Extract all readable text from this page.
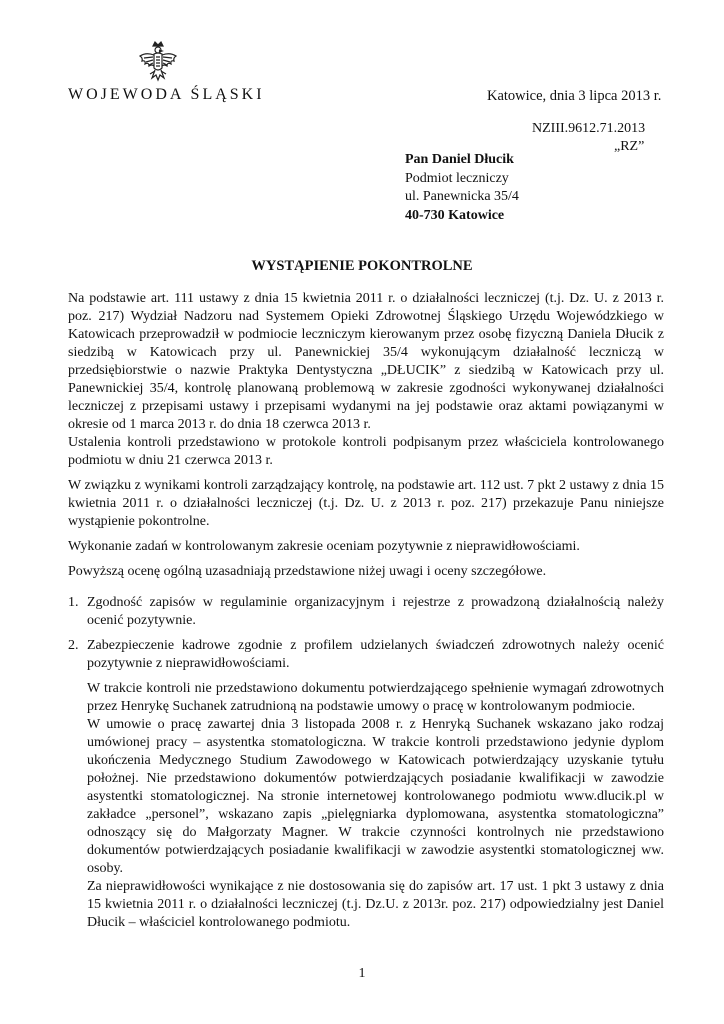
WOJEWODA ŚLĄSKI	Katowice, dnia 3 lipca 2013 r.
NZIII.9612.71.2013
„RZ”
Pan Daniel Dłucik
Podmiot leczniczy
ul. Panewnicka 35/4
40-730 Katowice
WYSTĄPIENIE POKONTROLNE

Na podstawie art. 111 ustawy z dnia 15 kwietnia 2011 r. o działalności leczniczej (t.j. Dz. U. z 2013 r. poz. 217) Wydział Nadzoru nad Systemem Opieki Zdrowotnej Śląskiego Urzędu Wojewódzkiego w Katowicach przeprowadził w podmiocie leczniczym kierowanym przez osobę fizyczną Daniela Dłucik z siedzibą w Katowicach przy ul. Panewnickiej 35/4 wykonującym działalność leczniczą w przedsiębiorstwie o nazwie Praktyka Dentystyczna „DŁUCIK” z siedzibą w Katowicach przy ul. Panewnickiej 35/4, kontrolę planowaną problemową w zakresie zgodności wykonywanej działalności leczniczej z przepisami ustawy i przepisami wydanymi na jej podstawie oraz aktami powiązanymi w okresie od 1 marca 2013 r. do dnia 18 czerwca 2013 r.

Ustalenia kontroli przedstawiono w protokole kontroli podpisanym przez właściciela kontrolowanego podmiotu w dniu 21 czerwca 2013 r.

W związku z wynikami kontroli zarządzający kontrolę, na podstawie art. 112 ust. 7 pkt 2 ustawy z dnia 15 kwietnia 2011 r. o działalności leczniczej (t.j. Dz. U. z 2013 r. poz. 217) przekazuje Panu niniejsze wystąpienie pokontrolne.

Wykonanie zadań w kontrolowanym zakresie oceniam pozytywnie z nieprawidłowościami.

Powyższą ocenę ogólną uzasadniają przedstawione niżej uwagi i oceny szczegółowe.

1. Zgodność zapisów w regulaminie organizacyjnym i rejestrze z prowadzoną działalnością należy ocenić pozytywnie.
2. Zabezpieczenie kadrowe zgodnie z profilem udzielanych świadczeń zdrowotnych należy ocenić pozytywnie z nieprawidłowościami.

W trakcie kontroli nie przedstawiono dokumentu potwierdzającego spełnienie wymagań zdrowotnych przez Henrykę Suchanek zatrudnioną na podstawie umowy o pracę w kontrolowanym podmiocie.

W umowie o pracę zawartej dnia 3 listopada 2008 r. z Henryką Suchanek wskazano jako rodzaj umówionej pracy – asystentka stomatologiczna. W trakcie kontroli przedstawiono jedynie dyplom ukończenia Medycznego Studium Zawodowego w Katowicach potwierdzający uzyskanie tytułu położnej. Nie przedstawiono dokumentów potwierdzających posiadanie kwalifikacji w zawodzie asystentki stomatologicznej. Na stronie internetowej kontrolowanego podmiotu www.dlucik.pl w zakładce „personel”, wskazano zapis „pielęgniarka dyplomowana, asystentka stomatologiczna” odnoszący się do Małgorzaty Magner. W trakcie czynności kontrolnych nie przedstawiono dokumentów potwierdzających posiadanie kwalifikacji w zawodzie asystentki stomatologicznej ww. osoby.

Za nieprawidłowości wynikające z nie dostosowania się do zapisów art. 17 ust. 1 pkt 3 ustawy z dnia 15 kwietnia 2011 r. o działalności leczniczej (t.j. Dz.U. z 2013r. poz. 217) odpowiedzialny jest Daniel Dłucik – właściciel kontrolowanego podmiotu.

1
